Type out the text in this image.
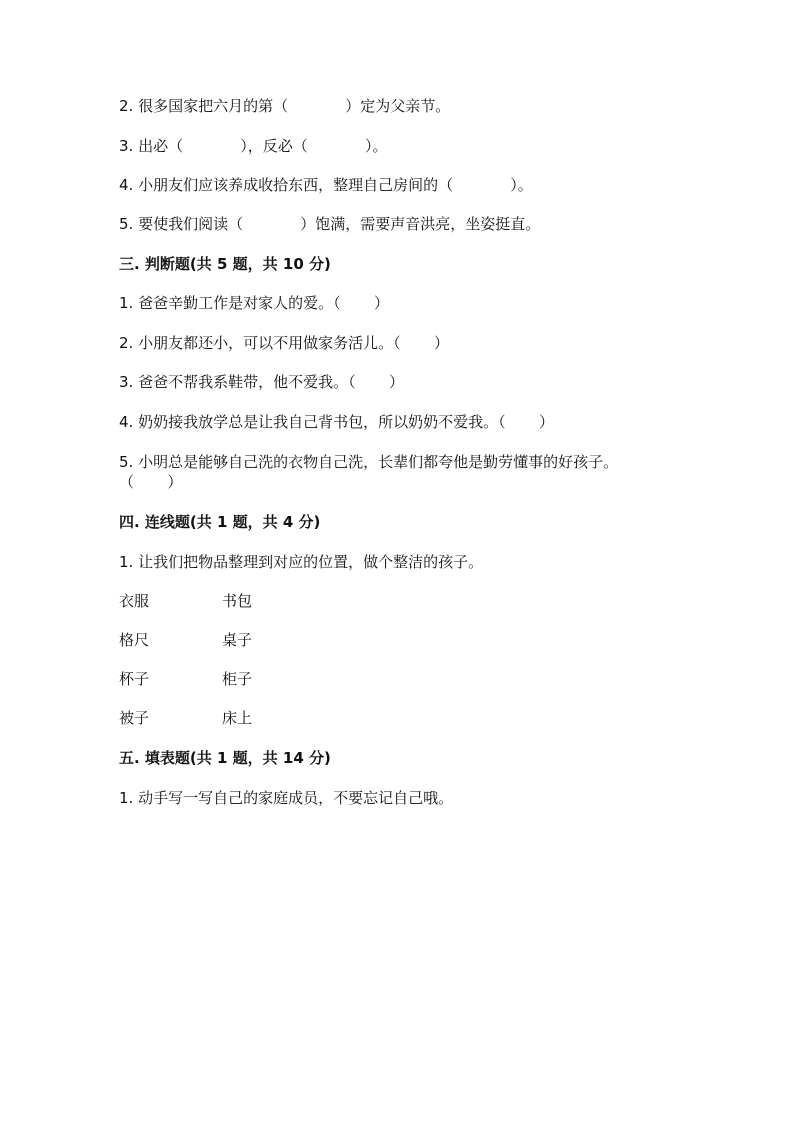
2. 很多国家把六月的第（            ）定为父亲节。
3. 出必（            ），反必（            ）。
4. 小朋友们应该养成收拾东西，整理自己房间的（            ）。
5. 要使我们阅读（            ）饱满，需要声音洪亮，坐姿挺直。
三. 判断题(共 5 题，共 10 分)
1. 爸爸辛勤工作是对家人的爱。（       ）
2. 小朋友都还小，可以不用做家务活儿。（       ）
3. 爸爸不帮我系鞋带，他不爱我。（       ）
4. 奶奶接我放学总是让我自己背书包，所以奶奶不爱我。（       ）
5. 小明总是能够自己洗的衣物自己洗，长辈们都夸他是勤劳懂事的好孩子。
（       ）
四. 连线题(共 1 题，共 4 分)
1. 让我们把物品整理到对应的位置，做个整洁的孩子。
衣服	书包
格尺	桌子
杯子	柜子
被子	床上
五. 填表题(共 1 题，共 14 分)
1. 动手写一写自己的家庭成员，不要忘记自己哦。
